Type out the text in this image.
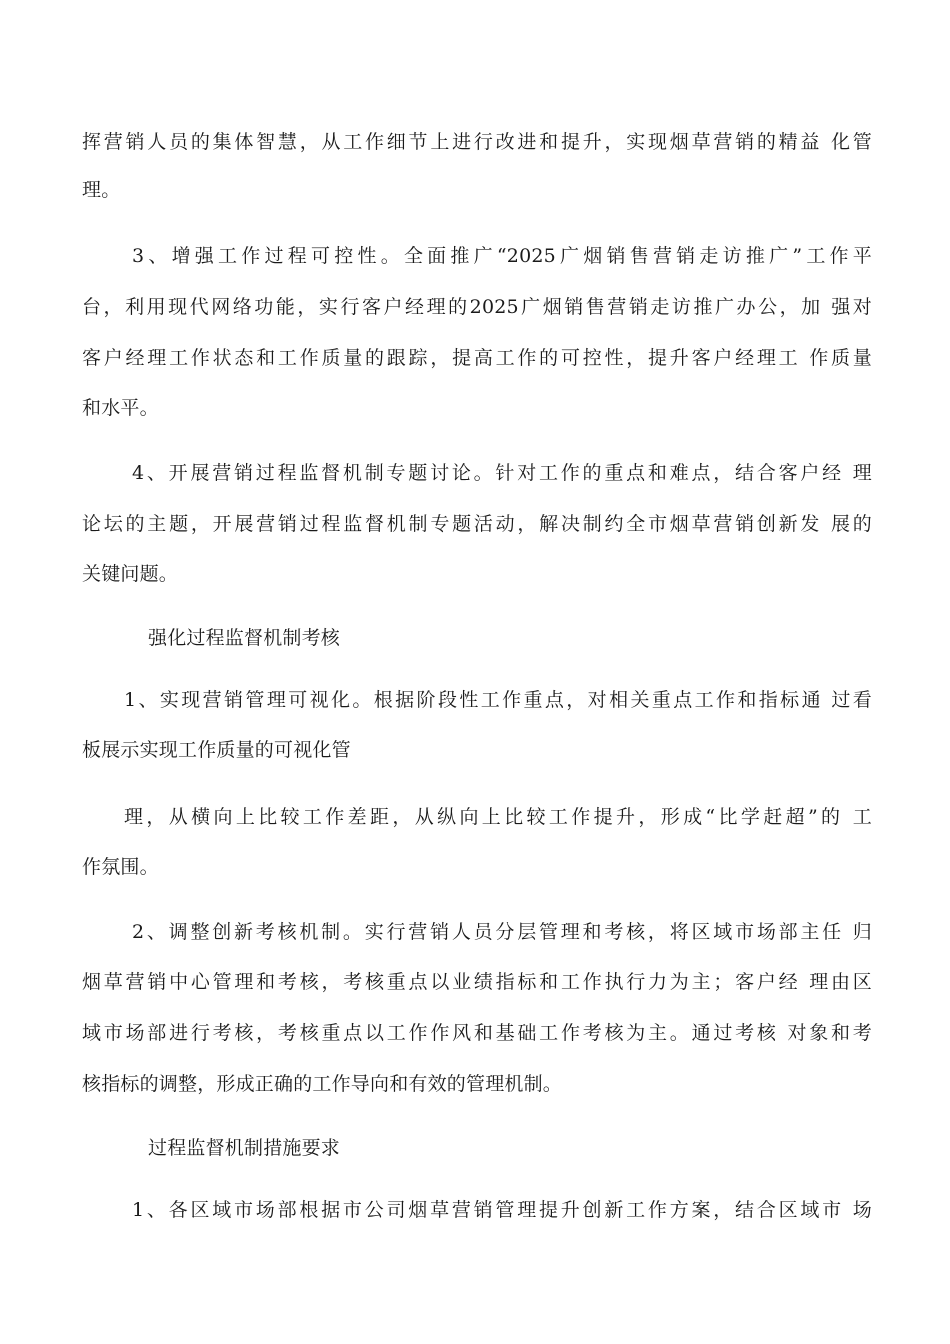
挥营销人员的集体智慧，从工作细节上进行改进和提升，实现烟草营销的精益 化管
理。
3、增强工作过程可控性。全面推广“2025广烟销售营销走访推广”工作平
台，利用现代网络功能，实行客户经理的2025广烟销售营销走访推广办公，加 强对
客户经理工作状态和工作质量的跟踪，提高工作的可控性，提升客户经理工 作质量
和水平。
4、开展营销过程监督机制专题讨论。针对工作的重点和难点，结合客户经 理
论坛的主题，开展营销过程监督机制专题活动，解决制约全市烟草营销创新发 展的
关键问题。
强化过程监督机制考核
1、实现营销管理可视化。根据阶段性工作重点，对相关重点工作和指标通 过看
板展示实现工作质量的可视化管
理，从横向上比较工作差距，从纵向上比较工作提升，形成“比学赶超”的 工
作氛围。
2、调整创新考核机制。实行营销人员分层管理和考核，将区域市场部主任 归
烟草营销中心管理和考核，考核重点以业绩指标和工作执行力为主；客户经 理由区
域市场部进行考核，考核重点以工作作风和基础工作考核为主。通过考核 对象和考
核指标的调整，形成正确的工作导向和有效的管理机制。
过程监督机制措施要求
1、各区域市场部根据市公司烟草营销管理提升创新工作方案，结合区域市 场
